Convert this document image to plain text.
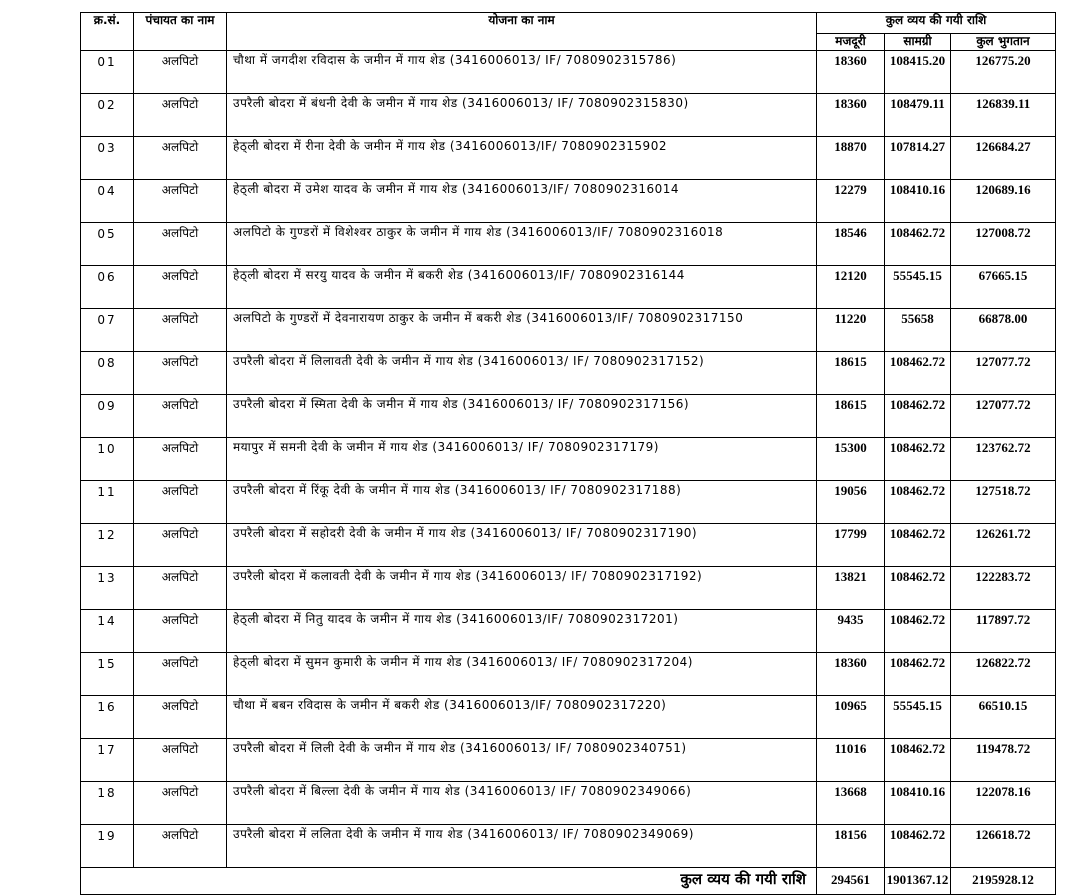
क्र.सं.	पंचायत का नाम	योजना का नाम	कुल व्यय की गयी राशि		
			मजदूरी	सामग्री	कुल भुगतान
01	अलपिटो	चौथा में जगदीश रविदास के जमीन में गाय शेड (3416006013/ IF/ 7080902315786)	18360	108415.20	126775.20
02	अलपिटो	उपरैली बोदरा में बंधनी देवी के जमीन में गाय शेड (3416006013/ IF/ 7080902315830)	18360	108479.11	126839.11
03	अलपिटो	हेठ्ली बोदरा में रीना देवी के जमीन में गाय शेड (3416006013/IF/ 7080902315902	18870	107814.27	126684.27
04	अलपिटो	हेठ्ली बोदरा में उमेश यादव के जमीन में गाय शेड (3416006013/IF/ 7080902316014	12279	108410.16	120689.16
05	अलपिटो	अलपिटो के गुण्डरों में विशेश्वर ठाकुर के जमीन में गाय शेड (3416006013/IF/ 7080902316018	18546	108462.72	127008.72
06	अलपिटो	हेठ्ली बोदरा में सरयु यादव के जमीन में बकरी शेड (3416006013/IF/ 7080902316144	12120	55545.15	67665.15
07	अलपिटो	अलपिटो के गुण्डरों में देवनारायण ठाकुर के जमीन में बकरी शेड (3416006013/IF/ 7080902317150	11220	55658	66878.00
08	अलपिटो	उपरैली बोदरा में लिलावती देवी के जमीन में गाय शेड (3416006013/ IF/ 7080902317152)	18615	108462.72	127077.72
09	अलपिटो	उपरैली बोदरा में स्मिता देवी के जमीन में गाय शेड (3416006013/ IF/ 7080902317156)	18615	108462.72	127077.72
10	अलपिटो	मयापुर में समनी देवी के जमीन में गाय शेड (3416006013/ IF/ 7080902317179)	15300	108462.72	123762.72
11	अलपिटो	उपरैली बोदरा में रिंकू देवी के जमीन में गाय शेड (3416006013/ IF/ 7080902317188)	19056	108462.72	127518.72
12	अलपिटो	उपरैली बोदरा में सहोदरी देवी के जमीन में गाय शेड (3416006013/ IF/ 7080902317190)	17799	108462.72	126261.72
13	अलपिटो	उपरैली बोदरा में कलावती देवी के जमीन में गाय शेड (3416006013/ IF/ 7080902317192)	13821	108462.72	122283.72
14	अलपिटो	हेठ्ली बोदरा में नितु यादव के जमीन में गाय शेड (3416006013/IF/ 7080902317201)	9435	108462.72	117897.72
15	अलपिटो	हेठ्ली बोदरा में सुमन कुमारी के जमीन में गाय शेड (3416006013/ IF/ 7080902317204)	18360	108462.72	126822.72
16	अलपिटो	चौथा में बबन रविदास के जमीन में बकरी शेड (3416006013/IF/ 7080902317220)	10965	55545.15	66510.15
17	अलपिटो	उपरैली बोदरा में लिली देवी के जमीन में गाय शेड (3416006013/ IF/ 7080902340751)	11016	108462.72	119478.72
18	अलपिटो	उपरैली बोदरा में बिल्ला देवी के जमीन में गाय शेड (3416006013/ IF/ 7080902349066)	13668	108410.16	122078.16
19	अलपिटो	उपरैली बोदरा में ललिता देवी के जमीन में गाय शेड (3416006013/ IF/ 7080902349069)	18156	108462.72	126618.72
कुल व्यय की गयी राशि			294561	1901367.12	2195928.12
